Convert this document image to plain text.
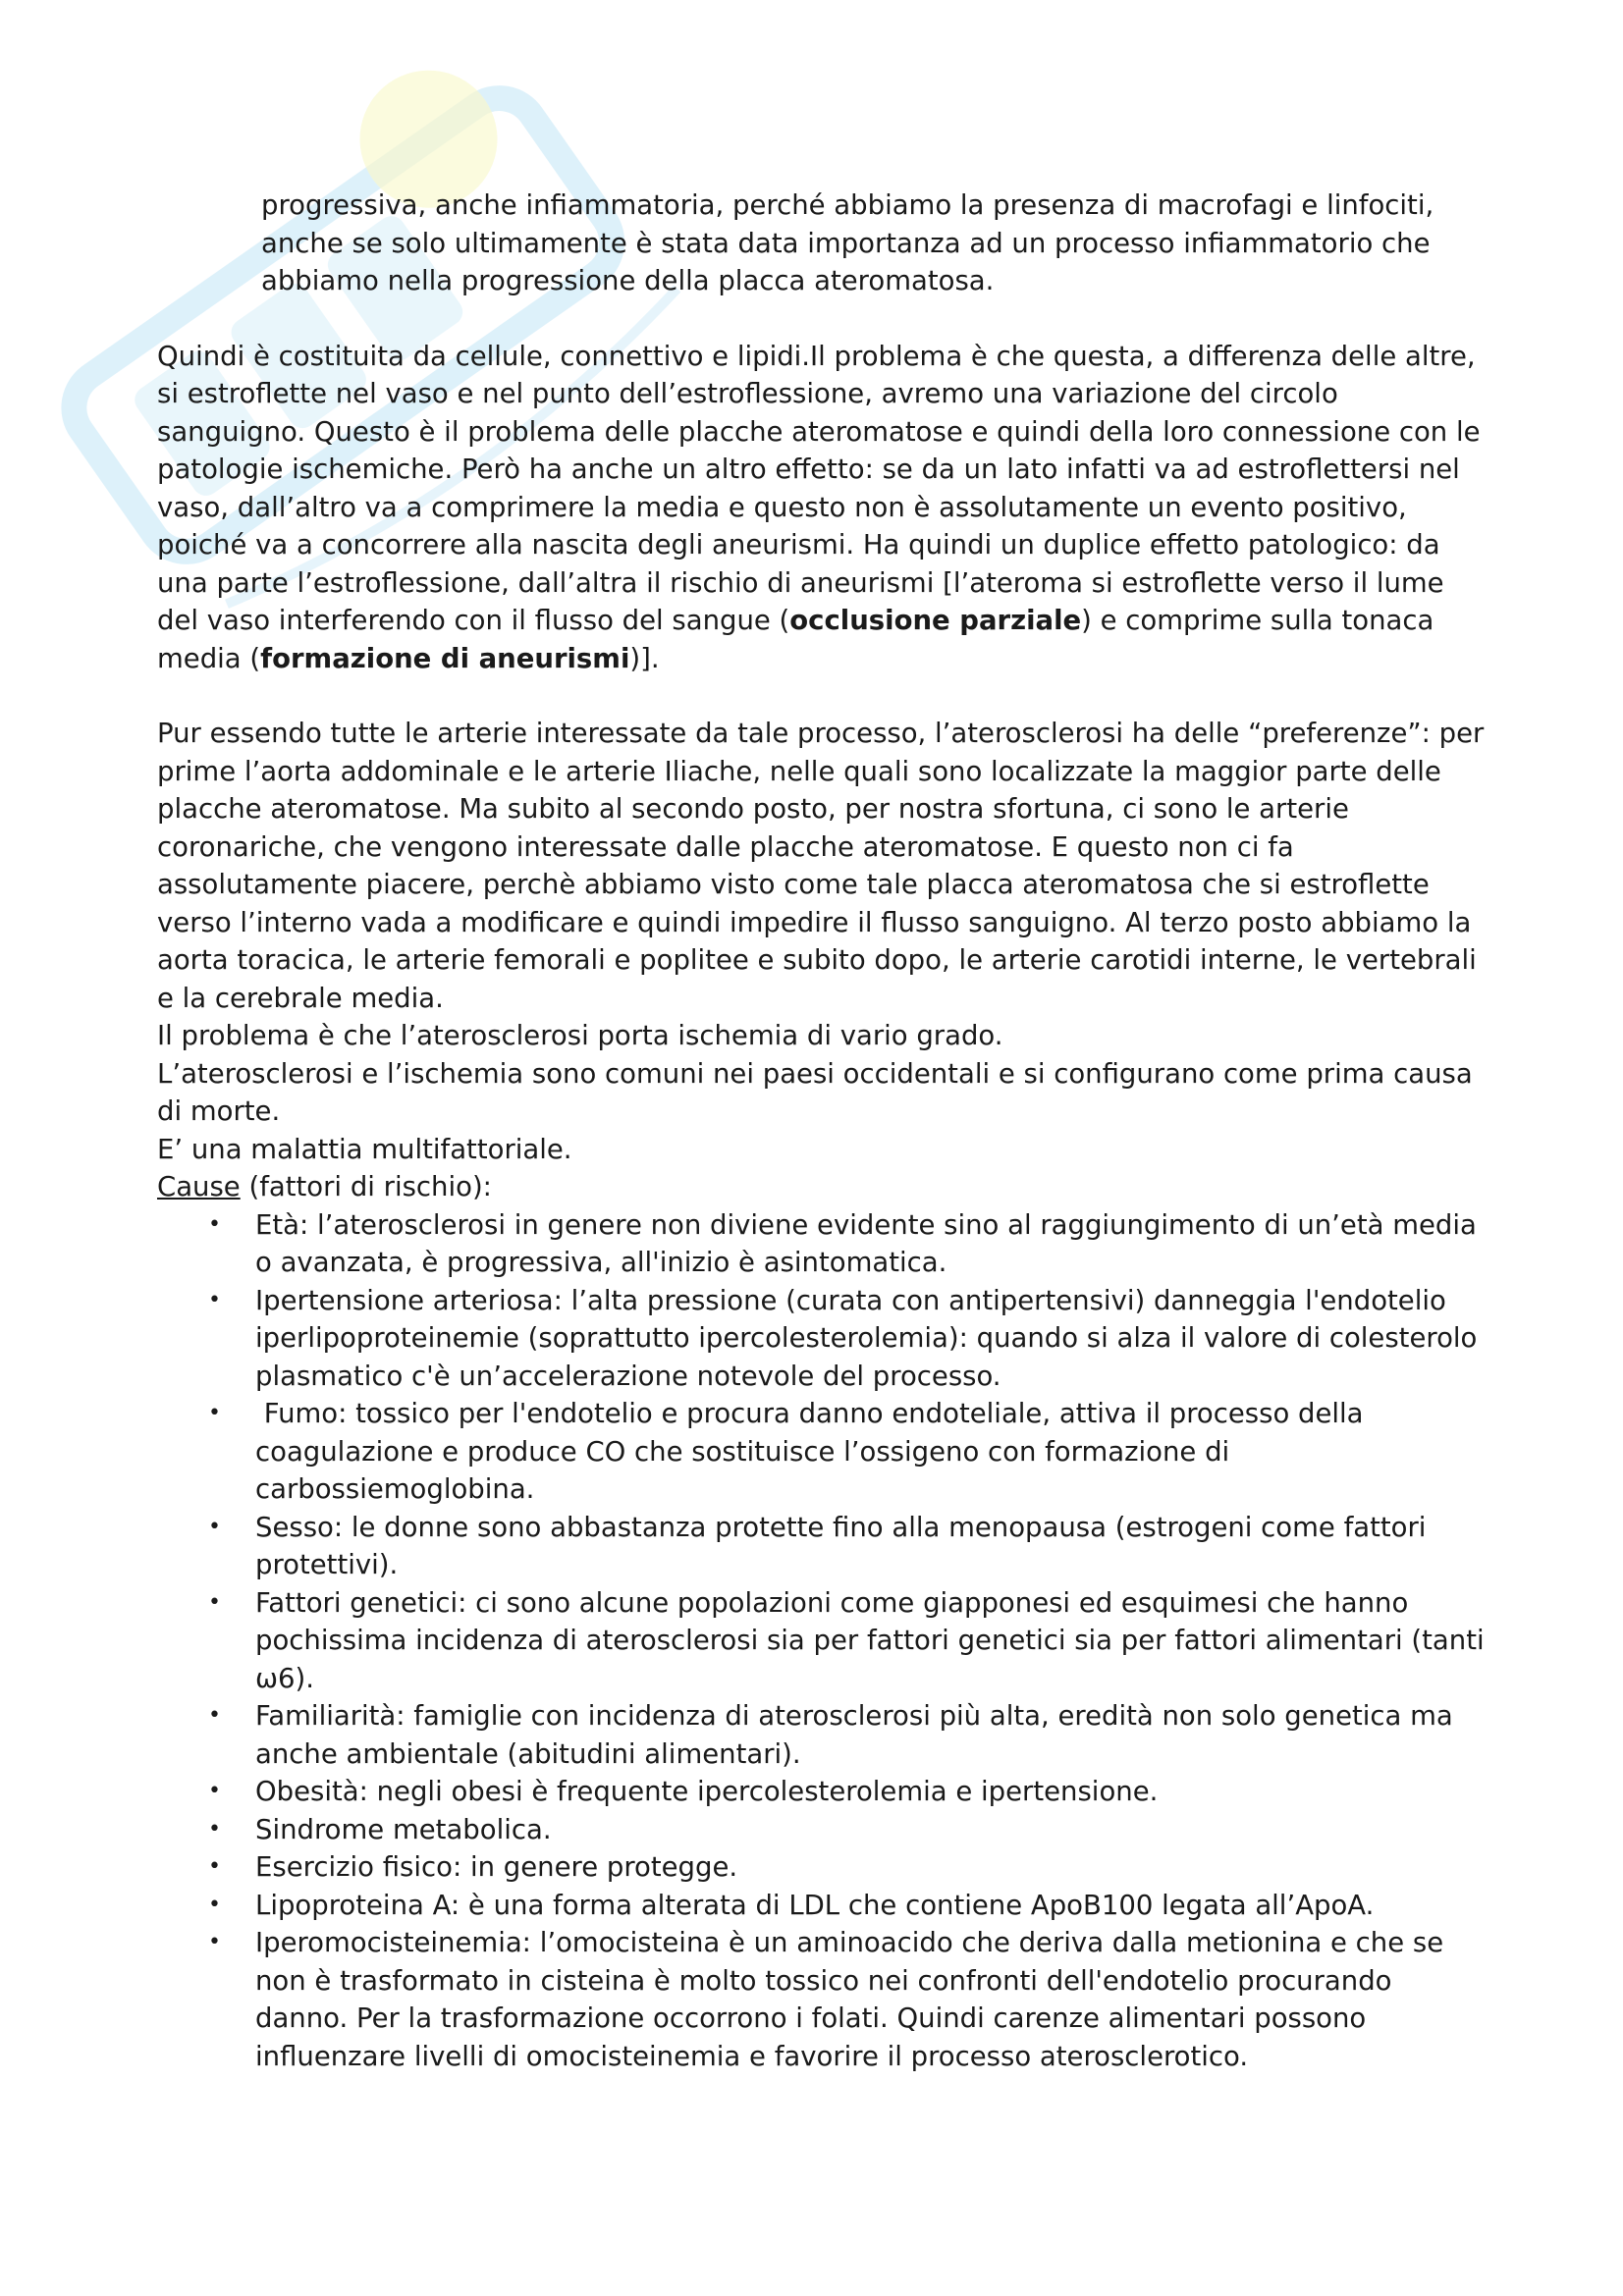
progressiva, anche infiammatoria, perché abbiamo la presenza di macrofagi e linfociti, anche se solo ultimamente è stata data importanza ad un processo infiammatorio che abbiamo nella progressione della placca ateromatosa.

Quindi è costituita da cellule, connettivo e lipidi.Il problema è che questa, a differenza delle altre, si estroflette nel vaso e nel punto dell’estroflessione, avremo una variazione del circolo sanguigno. Questo è il problema delle placche ateromatose e quindi della loro connessione con le patologie ischemiche. Però ha anche un altro effetto: se da un lato infatti va ad estroflettersi nel vaso, dall’altro va a comprimere la media e questo non è assolutamente un evento positivo, poiché va a concorrere alla nascita degli aneurismi. Ha quindi un duplice effetto patologico: da una parte l’estroflessione, dall’altra il rischio di aneurismi [l’ateroma si estroflette verso il lume del vaso interferendo con il flusso del sangue (occlusione parziale) e comprime sulla tonaca media (formazione di aneurismi)].

Pur essendo tutte le arterie interessate da tale processo, l’aterosclerosi ha delle “preferenze”: per prime l’aorta addominale e le arterie Iliache, nelle quali sono localizzate la maggior parte delle placche ateromatose. Ma subito al secondo posto, per nostra sfortuna, ci sono le arterie coronariche, che vengono interessate dalle placche ateromatose. E questo non ci fa assolutamente piacere, perchè abbiamo visto come tale placca ateromatosa che si estroflette verso l’interno vada a modificare e quindi impedire il flusso sanguigno. Al terzo posto abbiamo la aorta toracica, le arterie femorali e poplitee e subito dopo, le arterie carotidi interne, le vertebrali e la cerebrale media.

Il problema è che l’aterosclerosi porta ischemia di vario grado.

L’aterosclerosi e l’ischemia sono comuni nei paesi occidentali e si configurano come prima causa di morte.

E’ una malattia multifattoriale.

Cause (fattori di rischio):

• Età: l’aterosclerosi in genere non diviene evidente sino al raggiungimento di un’età media o avanzata, è progressiva, all'inizio è asintomatica.
• Ipertensione arteriosa: l’alta pressione (curata con antipertensivi) danneggia l'endotelio iperlipoproteinemie (soprattutto ipercolesterolemia): quando si alza il valore di colesterolo plasmatico c'è un’accelerazione notevole del processo.
• Fumo: tossico per l'endotelio e procura danno endoteliale, attiva il processo della coagulazione e produce CO che sostituisce l’ossigeno con formazione di carbossiemoglobina.
• Sesso: le donne sono abbastanza protette fino alla menopausa (estrogeni come fattori protettivi).
• Fattori genetici: ci sono alcune popolazioni come giapponesi ed esquimesi che hanno pochissima incidenza di aterosclerosi sia per fattori genetici sia per fattori alimentari (tanti ω6).
• Familiarità: famiglie con incidenza di aterosclerosi più alta, eredità non solo genetica ma anche ambientale (abitudini alimentari).
• Obesità: negli obesi è frequente ipercolesterolemia e ipertensione.
• Sindrome metabolica.
• Esercizio fisico: in genere protegge.
• Lipoproteina A: è una forma alterata di LDL che contiene ApoB100 legata all’ApoA.
• Iperomocisteinemia: l’omocisteina è un aminoacido che deriva dalla metionina e che se non è trasformato in cisteina è molto tossico nei confronti dell'endotelio procurando danno. Per la trasformazione occorrono i folati. Quindi carenze alimentari possono influenzare livelli di omocisteinemia e favorire il processo aterosclerotico.
